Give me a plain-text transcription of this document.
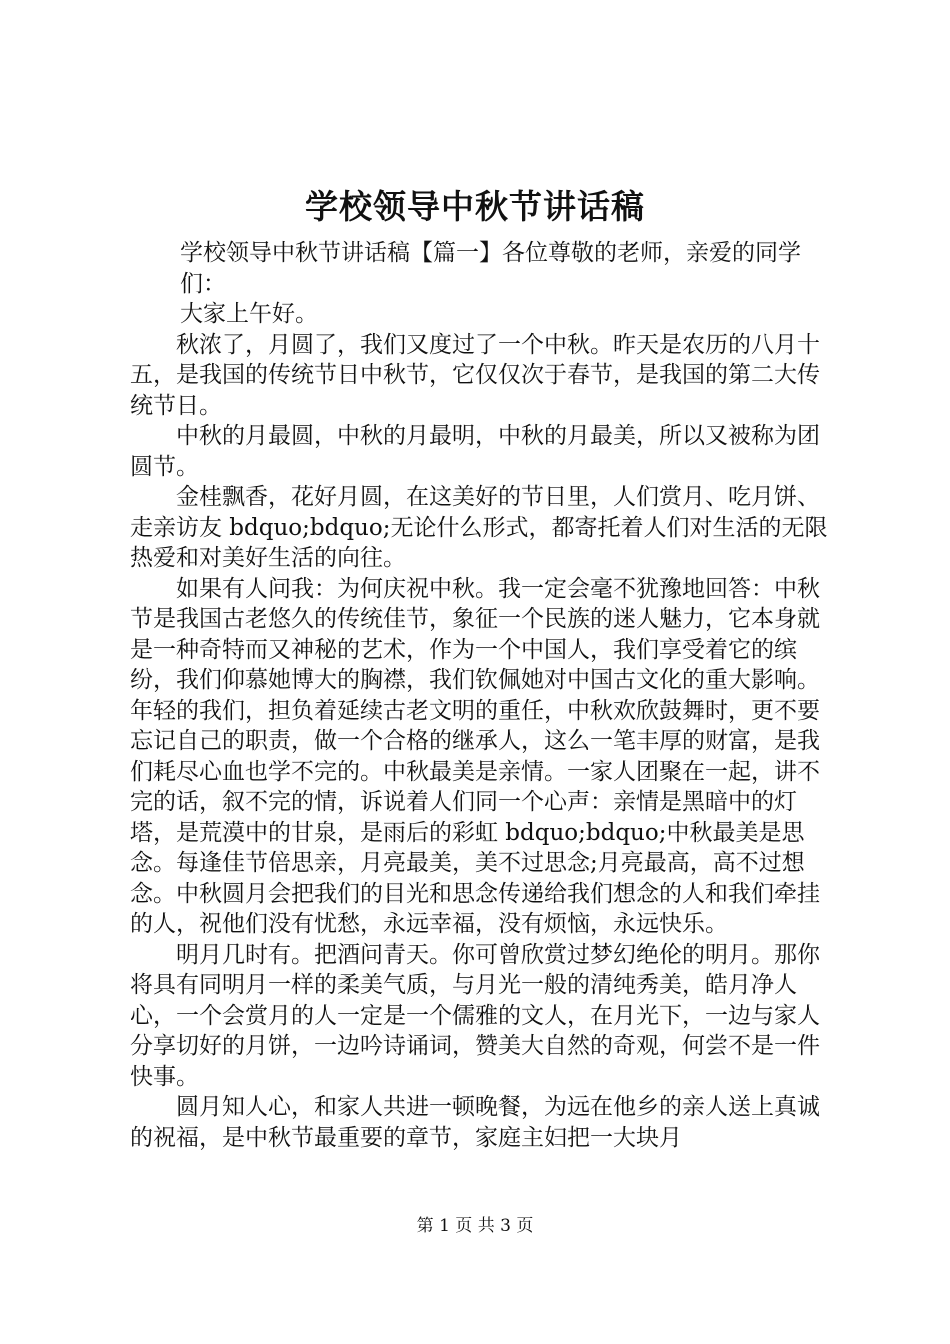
学校领导中秋节讲话稿

学校领导中秋节讲话稿【篇一】各位尊敬的老师，亲爱的同学们：

大家上午好。

秋浓了，月圆了，我们又度过了一个中秋。昨天是农历的八月十五，是我国的传统节日中秋节，它仅仅次于春节，是我国的第二大传统节日。

中秋的月最圆，中秋的月最明，中秋的月最美，所以又被称为团圆节。

金桂飘香，花好月圆，在这美好的节日里，人们赏月、吃月饼、走亲访友 bdquo;bdquo;无论什么形式，都寄托着人们对生活的无限热爱和对美好生活的向往。

如果有人问我：为何庆祝中秋。我一定会毫不犹豫地回答：中秋节是我国古老悠久的传统佳节，象征一个民族的迷人魅力，它本身就是一种奇特而又神秘的艺术，作为一个中国人，我们享受着它的缤纷，我们仰慕她博大的胸襟，我们钦佩她对中国古文化的重大影响。年轻的我们，担负着延续古老文明的重任，中秋欢欣鼓舞时，更不要忘记自己的职责，做一个合格的继承人，这么一笔丰厚的财富，是我们耗尽心血也学不完的。中秋最美是亲情。一家人团聚在一起，讲不完的话，叙不完的情，诉说着人们同一个心声：亲情是黑暗中的灯塔，是荒漠中的甘泉，是雨后的彩虹 bdquo;bdquo;中秋最美是思念。每逢佳节倍思亲，月亮最美，美不过思念;月亮最高，高不过想念。中秋圆月会把我们的目光和思念传递给我们想念的人和我们牵挂的人，祝他们没有忧愁，永远幸福，没有烦恼，永远快乐。

明月几时有。把酒问青天。你可曾欣赏过梦幻绝伦的明月。那你将具有同明月一样的柔美气质，与月光一般的清纯秀美，皓月净人心，一个会赏月的人一定是一个儒雅的文人，在月光下，一边与家人分享切好的月饼，一边吟诗诵词，赞美大自然的奇观，何尝不是一件快事。

圆月知人心，和家人共进一顿晚餐，为远在他乡的亲人送上真诚的祝福，是中秋节最重要的章节，家庭主妇把一大块月

第 1 页 共 3 页
